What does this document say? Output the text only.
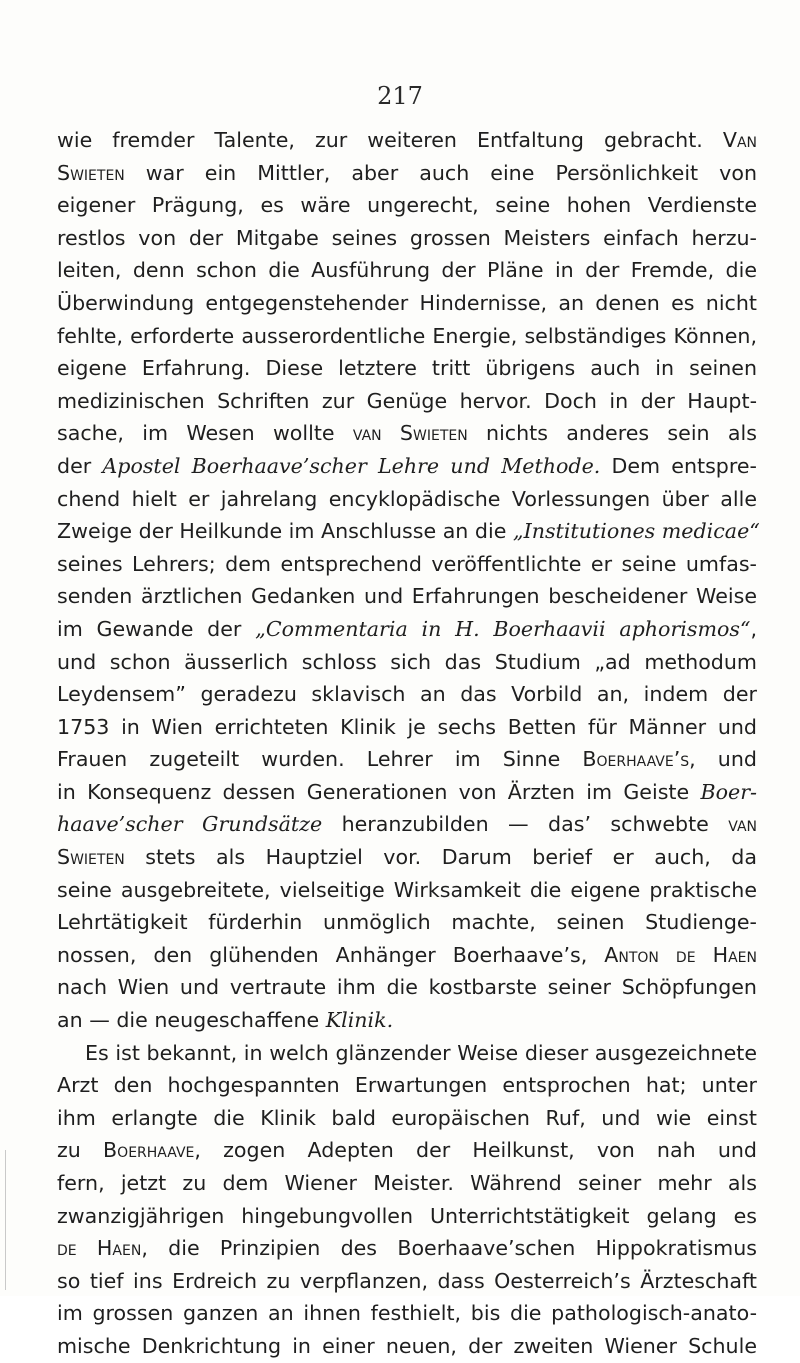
217
wie fremder Talente, zur weiteren Entfaltung gebracht. Van
Swieten war ein Mittler, aber auch eine Persönlichkeit von
eigener Prägung, es wäre ungerecht, seine hohen Verdienste
restlos von der Mitgabe seines grossen Meisters einfach herzu-
leiten, denn schon die Ausführung der Pläne in der Fremde, die
Überwindung entgegenstehender Hindernisse, an denen es nicht
fehlte, erforderte ausserordentliche Energie, selbständiges Können,
eigene Erfahrung. Diese letztere tritt übrigens auch in seinen
medizinischen Schriften zur Genüge hervor. Doch in der Haupt-
sache, im Wesen wollte van Swieten nichts anderes sein als
der Apostel Boerhaave’scher Lehre und Methode. Dem entspre-
chend hielt er jahrelang encyklopädische Vorlessungen über alle
Zweige der Heilkunde im Anschlusse an die „Institutiones medicae“
seines Lehrers; dem entsprechend veröffentlichte er seine umfas-
senden ärztlichen Gedanken und Erfahrungen bescheidener Weise
im Gewande der „Commentaria in H. Boerhaavii aphorismos“,
und schon äusserlich schloss sich das Studium „ad methodum
Leydensem” geradezu sklavisch an das Vorbild an, indem der
1753 in Wien errichteten Klinik je sechs Betten für Männer und
Frauen zugeteilt wurden. Lehrer im Sinne Boerhaave’s, und
in Konsequenz dessen Generationen von Ärzten im Geiste Boer-
haave’scher Grundsätze heranzubilden — das’ schwebte van
Swieten stets als Hauptziel vor. Darum berief er auch, da
seine ausgebreitete, vielseitige Wirksamkeit die eigene praktische
Lehrtätigkeit fürderhin unmöglich machte, seinen Studienge-
nossen, den glühenden Anhänger Boerhaave’s, Anton de Haen
nach Wien und vertraute ihm die kostbarste seiner Schöpfungen
an — die neugeschaffene Klinik.
Es ist bekannt, in welch glänzender Weise dieser ausgezeichnete
Arzt den hochgespannten Erwartungen entsprochen hat; unter
ihm erlangte die Klinik bald europäischen Ruf, und wie einst
zu Boerhaave, zogen Adepten der Heilkunst, von nah und
fern, jetzt zu dem Wiener Meister. Während seiner mehr als
zwanzigjährigen hingebungvollen Unterrichtstätigkeit gelang es
de Haen, die Prinzipien des Boerhaave’schen Hippokratismus
so tief ins Erdreich zu verpflanzen, dass Oesterreich’s Ärzteschaft
im grossen ganzen an ihnen festhielt, bis die pathologisch-anato-
mische Denkrichtung in einer neuen, der zweiten Wiener Schule
